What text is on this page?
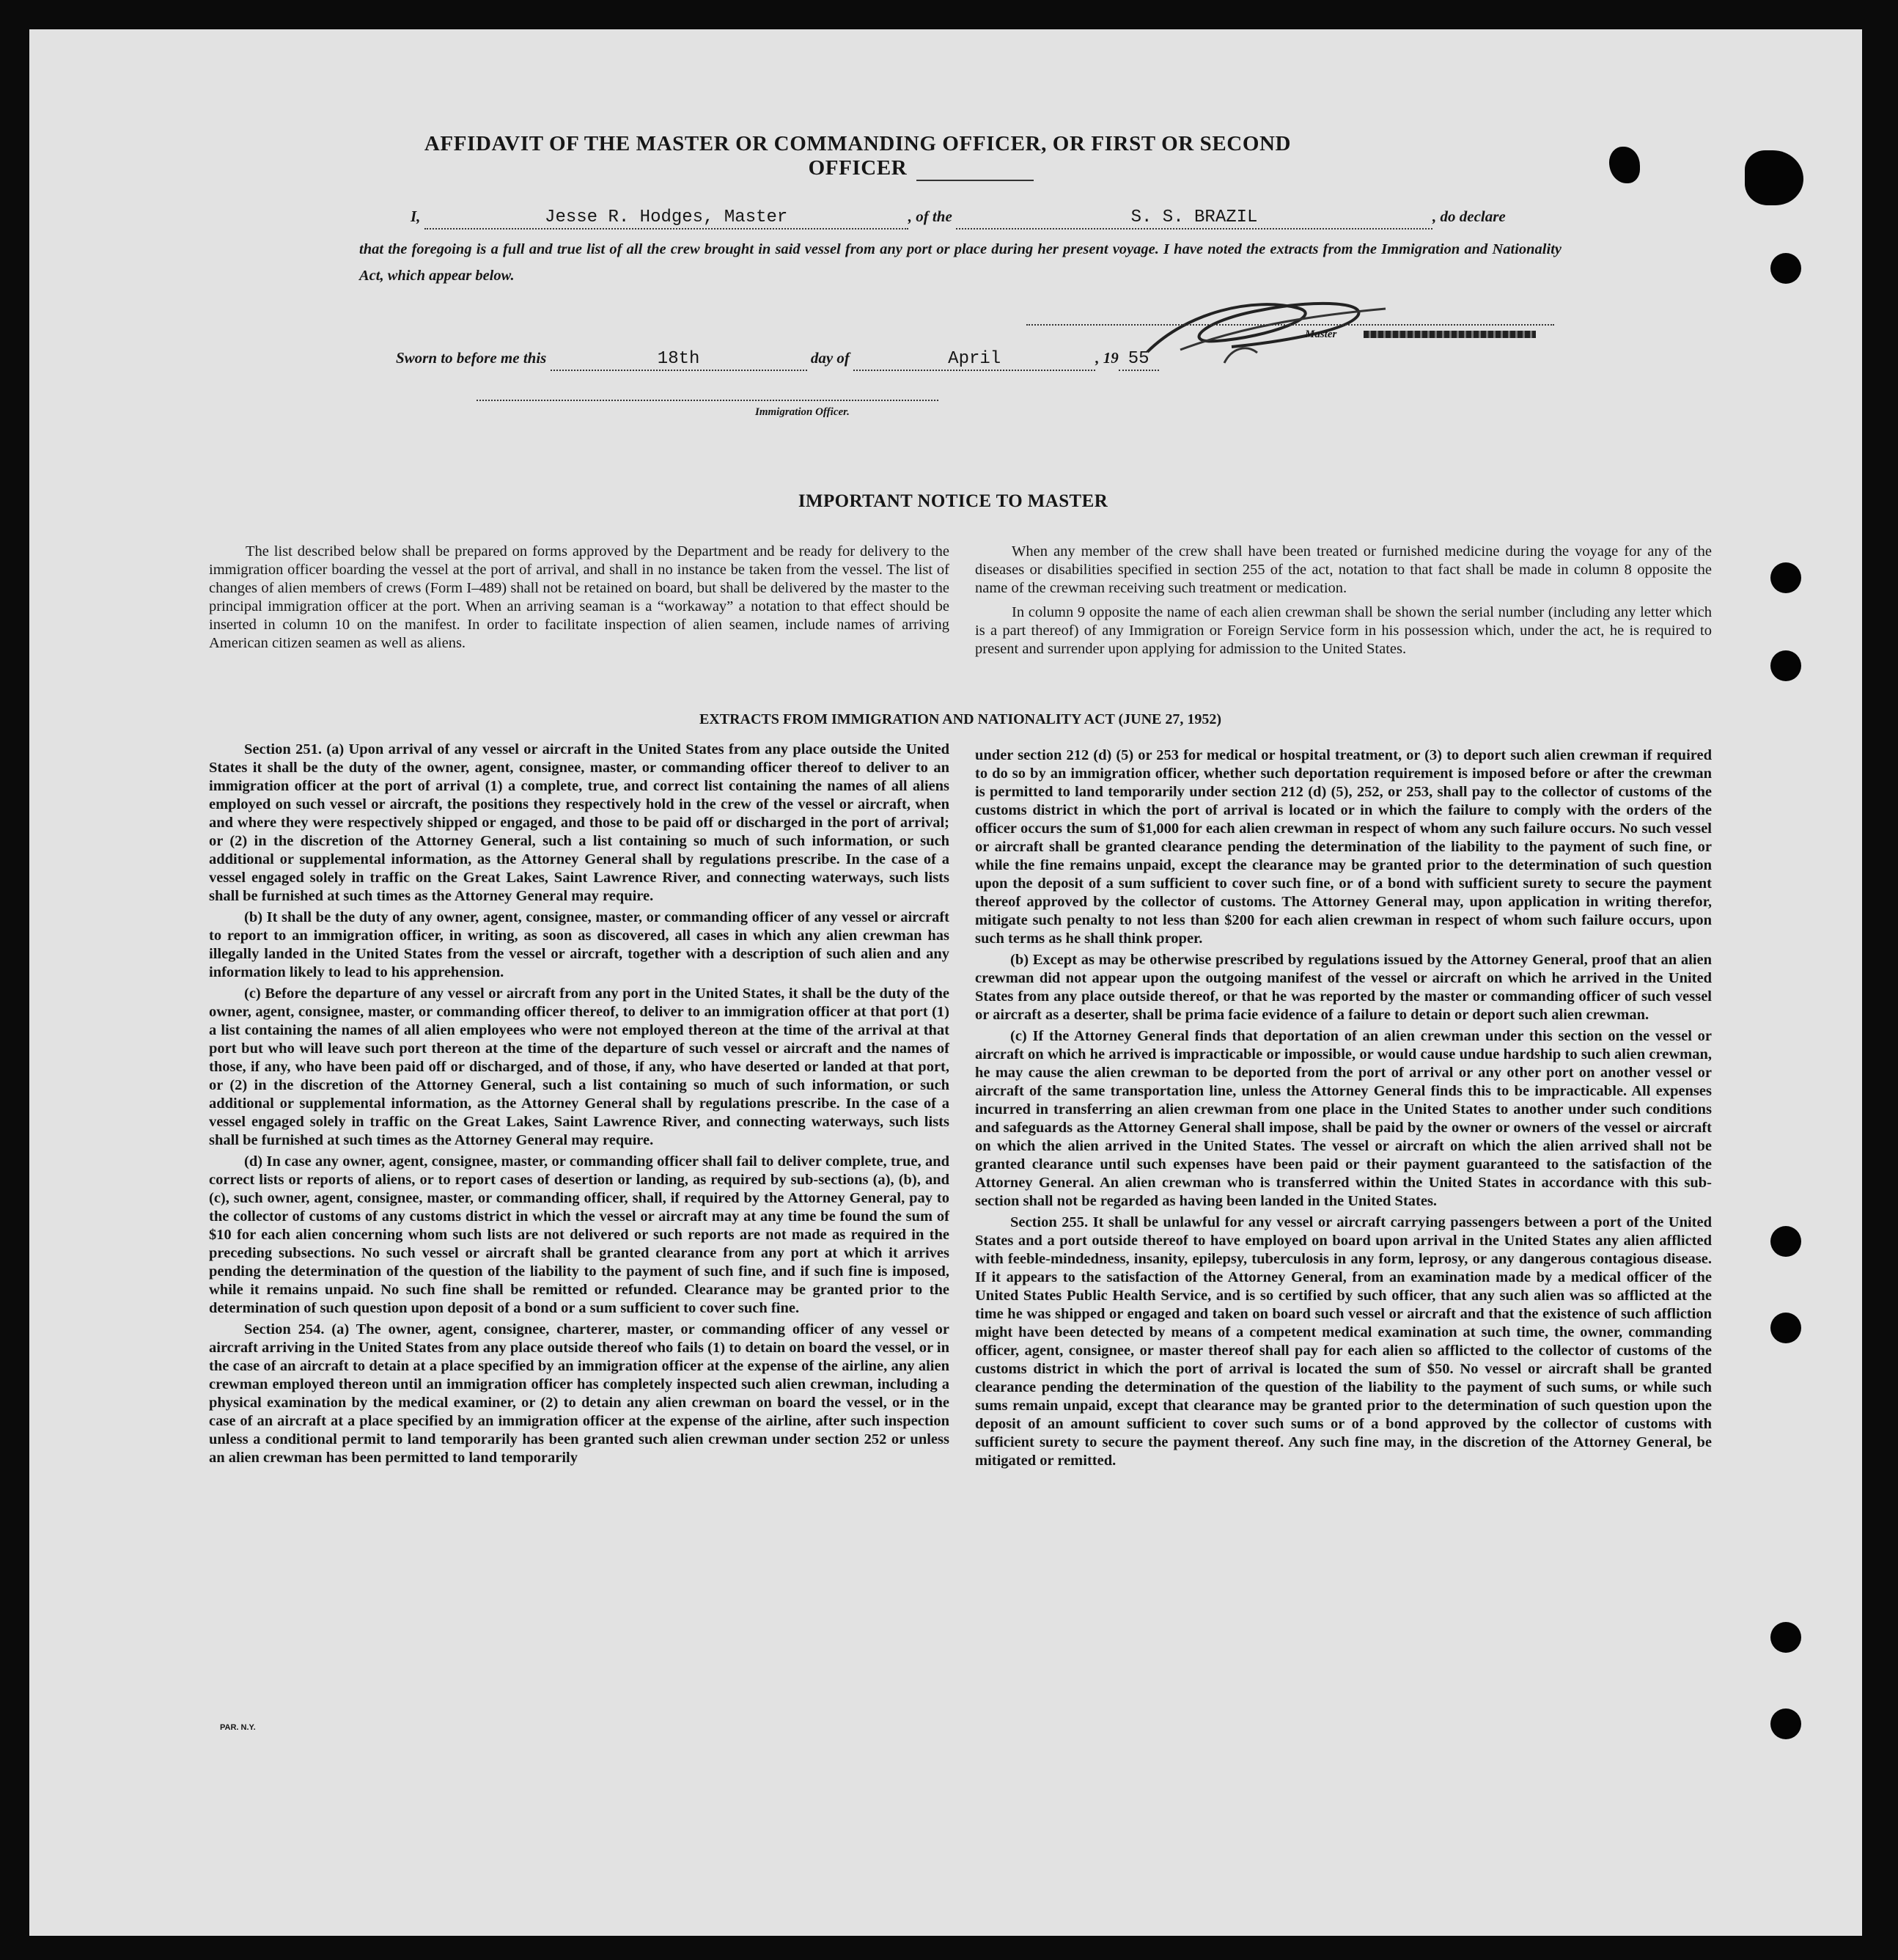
AFFIDAVIT OF THE MASTER OR COMMANDING OFFICER, OR FIRST OR SECOND OFFICER
I,	Jesse R. Hodges, Master	, of the	S. S. BRAZIL	, do declare
that the foregoing is a full and true list of all the crew brought in said vessel from any port or place during her present voyage. I have noted the extracts from the Immigration and Nationality Act, which appear below.
Master
Sworn to before me this	18th	day of	April	, 19 55
Immigration Officer.
IMPORTANT NOTICE TO MASTER

The list described below shall be prepared on forms approved by the Department and be ready for delivery to the immigration officer boarding the vessel at the port of arrival, and shall in no instance be taken from the vessel. The list of changes of alien members of crews (Form I–489) shall not be retained on board, but shall be delivered by the master to the principal immigration officer at the port. When an arriving seaman is a “workaway” a notation to that effect should be inserted in column 10 on the manifest. In order to facilitate inspection of alien seamen, include names of arriving American citizen seamen as well as aliens.

When any member of the crew shall have been treated or furnished medicine during the voyage for any of the diseases or disabilities specified in section 255 of the act, notation to that fact shall be made in column 8 opposite the name of the crewman receiving such treatment or medication.

In column 9 opposite the name of each alien crewman shall be shown the serial number (including any letter which is a part thereof) of any Immigration or Foreign Service form in his possession which, under the act, he is required to present and surrender upon applying for admission to the United States.

EXTRACTS FROM IMMIGRATION AND NATIONALITY ACT (JUNE 27, 1952)

Section 251. (a) Upon arrival of any vessel or aircraft in the United States from any place outside the United States it shall be the duty of the owner, agent, consignee, master, or commanding officer thereof to deliver to an immigration officer at the port of arrival (1) a complete, true, and correct list containing the names of all aliens employed on such vessel or aircraft, the positions they respectively hold in the crew of the vessel or aircraft, when and where they were respectively shipped or engaged, and those to be paid off or discharged in the port of arrival; or (2) in the discretion of the Attorney General, such a list containing so much of such information, or such additional or supplemental information, as the Attorney General shall by regulations prescribe. In the case of a vessel engaged solely in traffic on the Great Lakes, Saint Lawrence River, and connecting waterways, such lists shall be furnished at such times as the Attorney General may require.

(b) It shall be the duty of any owner, agent, consignee, master, or commanding officer of any vessel or aircraft to report to an immigration officer, in writing, as soon as discovered, all cases in which any alien crewman has illegally landed in the United States from the vessel or aircraft, together with a description of such alien and any information likely to lead to his apprehension.

(c) Before the departure of any vessel or aircraft from any port in the United States, it shall be the duty of the owner, agent, consignee, master, or commanding officer thereof, to deliver to an immigration officer at that port (1) a list containing the names of all alien employees who were not employed thereon at the time of the arrival at that port but who will leave such port thereon at the time of the departure of such vessel or aircraft and the names of those, if any, who have been paid off or discharged, and of those, if any, who have deserted or landed at that port, or (2) in the discretion of the Attorney General, such a list containing so much of such information, or such additional or supplemental information, as the Attorney General shall by regulations prescribe. In the case of a vessel engaged solely in traffic on the Great Lakes, Saint Lawrence River, and connecting waterways, such lists shall be furnished at such times as the Attorney General may require.

(d) In case any owner, agent, consignee, master, or commanding officer shall fail to deliver complete, true, and correct lists or reports of aliens, or to report cases of desertion or landing, as required by sub-sections (a), (b), and (c), such owner, agent, consignee, master, or commanding officer, shall, if required by the Attorney General, pay to the collector of customs of any customs district in which the vessel or aircraft may at any time be found the sum of $10 for each alien concerning whom such lists are not delivered or such reports are not made as required in the preceding subsections. No such vessel or aircraft shall be granted clearance from any port at which it arrives pending the determination of the question of the liability to the payment of such fine, and if such fine is imposed, while it remains unpaid. No such fine shall be remitted or refunded. Clearance may be granted prior to the determination of such question upon deposit of a bond or a sum sufficient to cover such fine.

Section 254. (a) The owner, agent, consignee, charterer, master, or commanding officer of any vessel or aircraft arriving in the United States from any place outside thereof who fails (1) to detain on board the vessel, or in the case of an aircraft to detain at a place specified by an immigration officer at the expense of the airline, any alien crewman employed thereon until an immigration officer has completely inspected such alien crewman, including a physical examination by the medical examiner, or (2) to detain any alien crewman on board the vessel, or in the case of an aircraft at a place specified by an immigration officer at the expense of the airline, after such inspection unless a conditional permit to land temporarily has been granted such alien crewman under section 252 or unless an alien crewman has been permitted to land temporarily

under section 212 (d) (5) or 253 for medical or hospital treatment, or (3) to deport such alien crewman if required to do so by an immigration officer, whether such deportation requirement is imposed before or after the crewman is permitted to land temporarily under section 212 (d) (5), 252, or 253, shall pay to the collector of customs of the customs district in which the port of arrival is located or in which the failure to comply with the orders of the officer occurs the sum of $1,000 for each alien crewman in respect of whom any such failure occurs. No such vessel or aircraft shall be granted clearance pending the determination of the liability to the payment of such fine, or while the fine remains unpaid, except the clearance may be granted prior to the determination of such question upon the deposit of a sum sufficient to cover such fine, or of a bond with sufficient surety to secure the payment thereof approved by the collector of customs. The Attorney General may, upon application in writing therefor, mitigate such penalty to not less than $200 for each alien crewman in respect of whom such failure occurs, upon such terms as he shall think proper.

(b) Except as may be otherwise prescribed by regulations issued by the Attorney General, proof that an alien crewman did not appear upon the outgoing manifest of the vessel or aircraft on which he arrived in the United States from any place outside thereof, or that he was reported by the master or commanding officer of such vessel or aircraft as a deserter, shall be prima facie evidence of a failure to detain or deport such alien crewman.

(c) If the Attorney General finds that deportation of an alien crewman under this section on the vessel or aircraft on which he arrived is impracticable or impossible, or would cause undue hardship to such alien crewman, he may cause the alien crewman to be deported from the port of arrival or any other port on another vessel or aircraft of the same transportation line, unless the Attorney General finds this to be impracticable. All expenses incurred in transferring an alien crewman from one place in the United States to another under such conditions and safeguards as the Attorney General shall impose, shall be paid by the owner or owners of the vessel or aircraft on which the alien arrived in the United States. The vessel or aircraft on which the alien arrived shall not be granted clearance until such expenses have been paid or their payment guaranteed to the satisfaction of the Attorney General. An alien crewman who is transferred within the United States in accordance with this sub-section shall not be regarded as having been landed in the United States.

Section 255. It shall be unlawful for any vessel or aircraft carrying passengers between a port of the United States and a port outside thereof to have employed on board upon arrival in the United States any alien afflicted with feeble-mindedness, insanity, epilepsy, tuberculosis in any form, leprosy, or any dangerous contagious disease. If it appears to the satisfaction of the Attorney General, from an examination made by a medical officer of the United States Public Health Service, and is so certified by such officer, that any such alien was so afflicted at the time he was shipped or engaged and taken on board such vessel or aircraft and that the existence of such affliction might have been detected by means of a competent medical examination at such time, the owner, commanding officer, agent, consignee, or master thereof shall pay for each alien so afflicted to the collector of customs of the customs district in which the port of arrival is located the sum of $50. No vessel or aircraft shall be granted clearance pending the determination of the question of the liability to the payment of such sums, or while such sums remain unpaid, except that clearance may be granted prior to the determination of such question upon the deposit of an amount sufficient to cover such sums or of a bond approved by the collector of customs with sufficient surety to secure the payment thereof. Any such fine may, in the discretion of the Attorney General, be mitigated or remitted.

PAR. N.Y.
